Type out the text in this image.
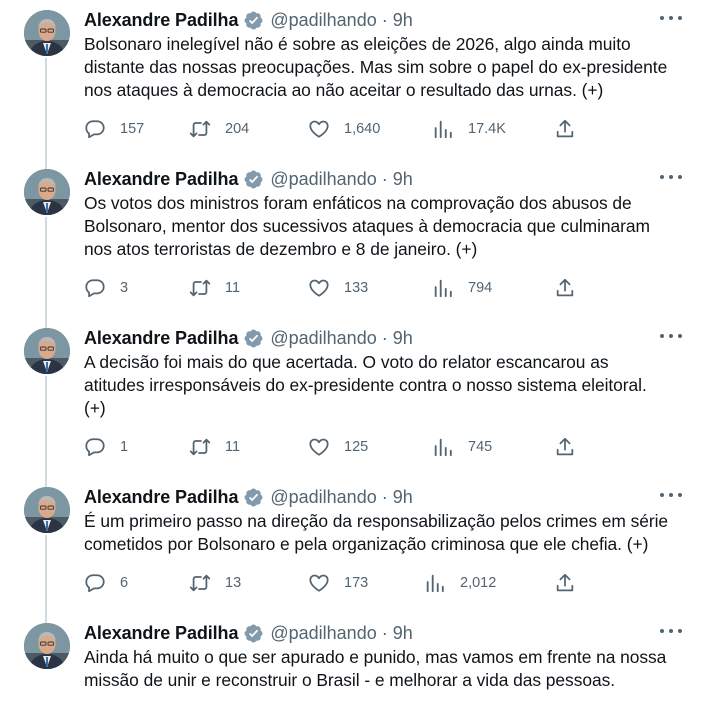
Alexandre Padilha @padilhando · 9h
Bolsonaro inelegível não é sobre as eleições de 2026, algo ainda muito
distante das nossas preocupações. Mas sim sobre o papel do ex-presidente
nos ataques à democracia ao não aceitar o resultado das urnas. (+)
157	204	1,640	17.4K
Alexandre Padilha @padilhando · 9h
Os votos dos ministros foram enfáticos na comprovação dos abusos de
Bolsonaro, mentor dos sucessivos ataques à democracia que culminaram
nos atos terroristas de dezembro e 8 de janeiro. (+)
3	11	133	794
Alexandre Padilha @padilhando · 9h
A decisão foi mais do que acertada. O voto do relator escancarou as
atitudes irresponsáveis do ex-presidente contra o nosso sistema eleitoral.
(+)
1	11	125	745
Alexandre Padilha @padilhando · 9h
É um primeiro passo na direção da responsabilização pelos crimes em série
cometidos por Bolsonaro e pela organização criminosa que ele chefia. (+)
6	13	173	2,012
Alexandre Padilha @padilhando · 9h
Ainda há muito o que ser apurado e punido, mas vamos em frente na nossa
missão de unir e reconstruir o Brasil - e melhorar a vida das pessoas.
